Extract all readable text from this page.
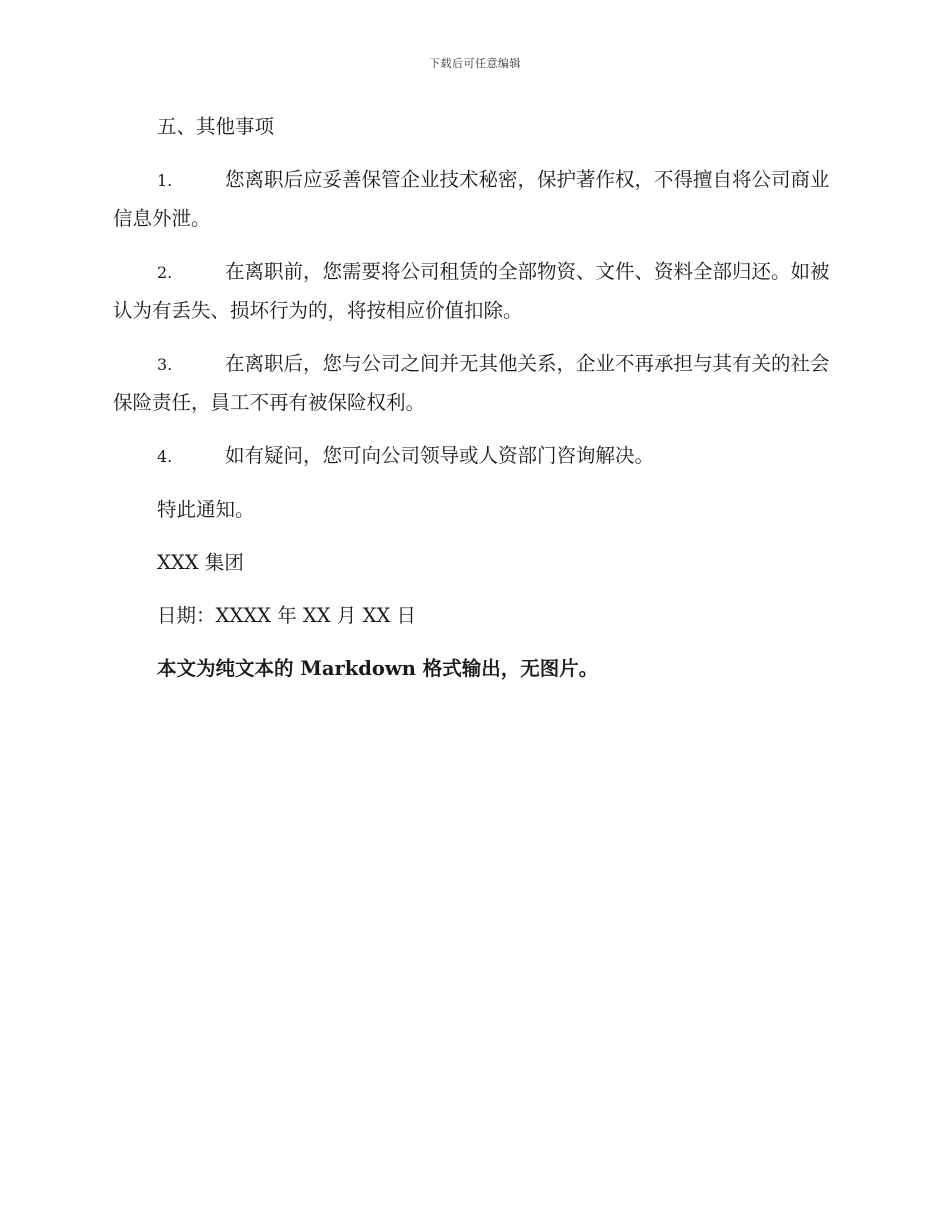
下载后可任意编辑

五、其他事项

1.	您离职后应妥善保管企业技术秘密，保护著作权，不得擅自将公司商业信息外泄。

2.	在离职前，您需要将公司租赁的全部物资、文件、资料全部归还。如被认为有丢失、损坏行为的，将按相应价值扣除。

3.	在离职后，您与公司之间并无其他关系，企业不再承担与其有关的社会保险责任，員工不再有被保险权利。

4.	如有疑问，您可向公司领导或人资部门咨询解决。

特此通知。

XXX 集团

日期：XXXX 年 XX 月 XX 日

本文为纯文本的 Markdown 格式输出，无图片。
